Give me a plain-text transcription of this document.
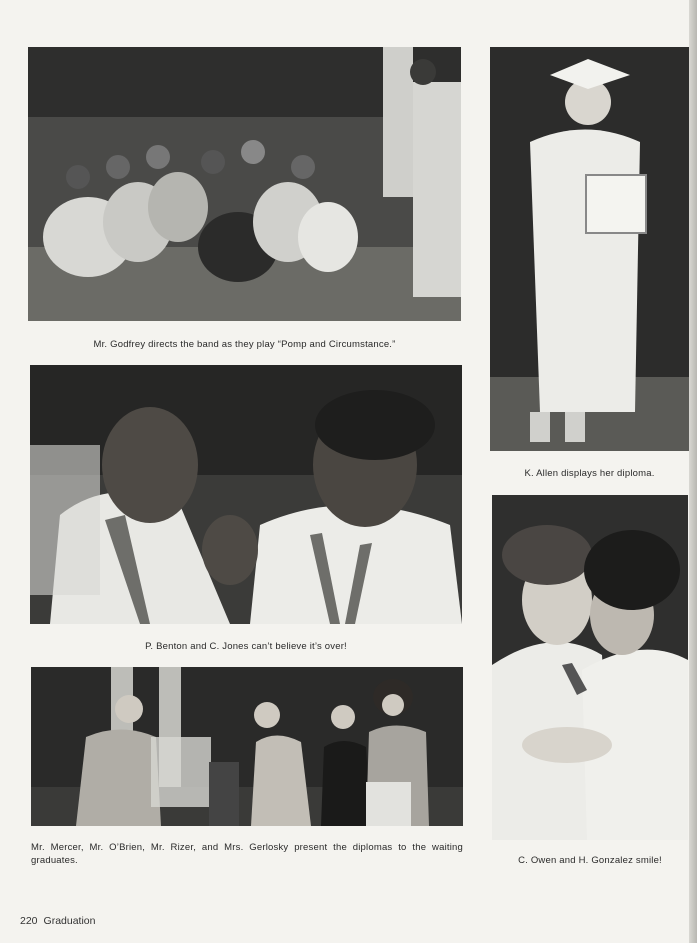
Mr. Godfrey directs the band as they play “Pomp and Circumstance.”
K. Allen displays her diploma.
P. Benton and C. Jones can’t believe it’s over!
C. Owen and H. Gonzalez smile!
Mr. Mercer, Mr. O’Brien, Mr. Rizer, and Mrs. Gerlosky present the diplomas to the waiting graduates.
220 Graduation
